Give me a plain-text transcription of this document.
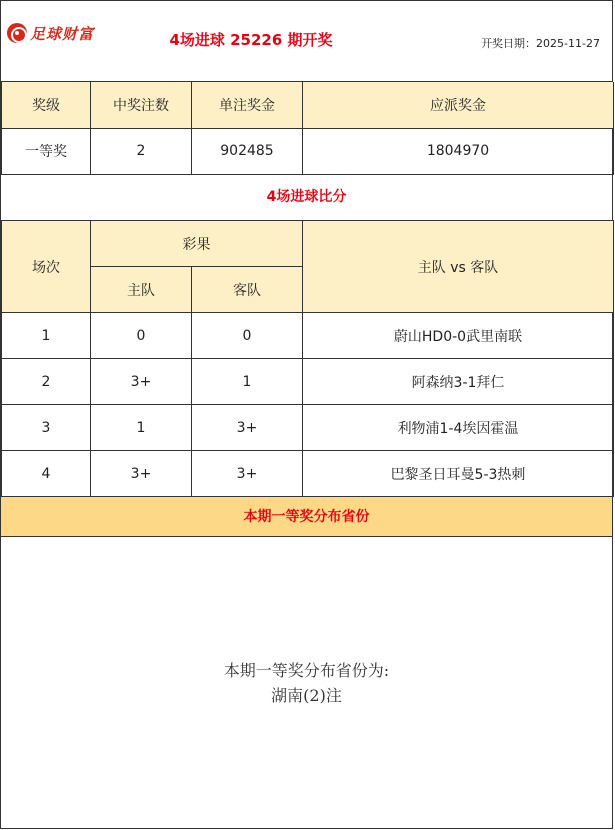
足球财富	4场进球 25226 期开奖	开奖日期：2025-11-27
奖级	中奖注数	单注奖金	应派奖金
一等奖	2	902485	1804970
4场进球比分
场次	彩果		主队 vs 客队
	主队	客队	
1	0	0	蔚山HD0-0武里南联
2	3+	1	阿森纳3-1拜仁
3	1	3+	利物浦1-4埃因霍温
4	3+	3+	巴黎圣日耳曼5-3热刺
本期一等奖分布省份
本期一等奖分布省份为:
湖南(2)注
